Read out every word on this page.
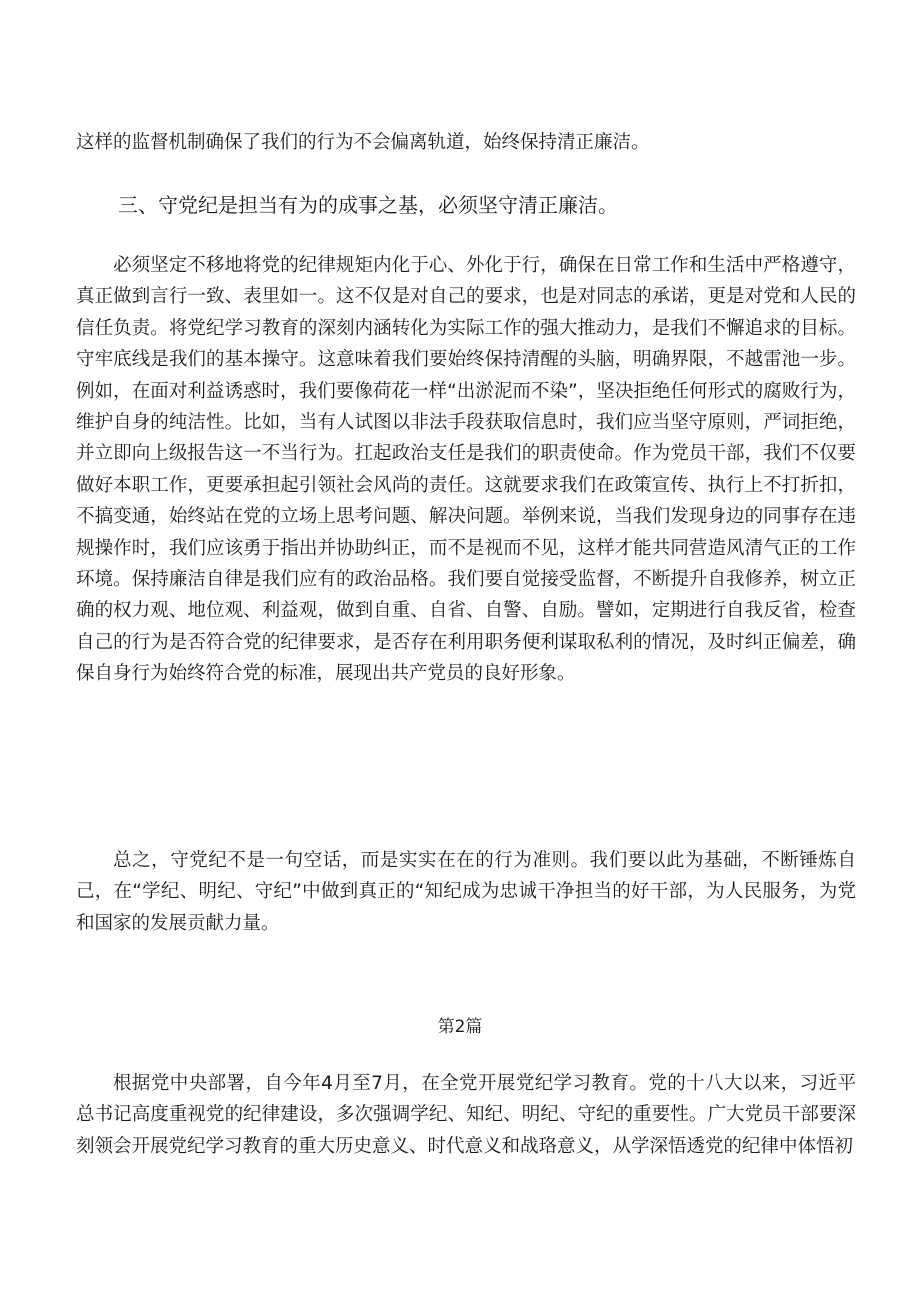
这样的监督机制确保了我们的行为不会偏离轨道，始终保持清正廉洁。

三、守党纪是担当有为的成事之基，必须坚守清正廉洁。

必须坚定不移地将党的纪律规矩内化于心、外化于行，确保在日常工作和生活中严格遵守，真正做到言行一致、表里如一。这不仅是对自己的要求，也是对同志的承诺，更是对党和人民的信任负责。将党纪学习教育的深刻内涵转化为实际工作的强大推动力，是我们不懈追求的目标。守牢底线是我们的基本操守。这意味着我们要始终保持清醒的头脑，明确界限，不越雷池一步。例如，在面对利益诱惑时，我们要像荷花一样“出淤泥而不染”，坚决拒绝任何形式的腐败行为，维护自身的纯洁性。比如，当有人试图以非法手段获取信息时，我们应当坚守原则，严词拒绝，并立即向上级报告这一不当行为。扛起政治支任是我们的职责使命。作为党员干部，我们不仅要做好本职工作，更要承担起引领社会风尚的责任。这就要求我们在政策宣传、执行上不打折扣，不搞变通，始终站在党的立场上思考问题、解决问题。举例来说，当我们发现身边的同事存在违规操作时，我们应该勇于指出并协助纠正，而不是视而不见，这样才能共同营造风清气正的工作环境。保持廉洁自律是我们应有的政治品格。我们要自觉接受监督，不断提升自我修养，树立正确的权力观、地位观、利益观，做到自重、自省、自警、自励。譬如，定期进行自我反省，检查自己的行为是否符合党的纪律要求，是否存在利用职务便利谋取私利的情况，及时纠正偏差，确保自身行为始终符合党的标准，展现出共产党员的良好形象。

总之，守党纪不是一句空话，而是实实在在的行为准则。我们要以此为基础，不断锤炼自己，在“学纪、明纪、守纪”中做到真正的“知纪成为忠诚干净担当的好干部，为人民服务，为党和国家的发展贡献力量。

第2篇

根据党中央部署，自今年4月至7月，在全党开展党纪学习教育。党的十八大以来，习近平总书记高度重视党的纪律建设，多次强调学纪、知纪、明纪、守纪的重要性。广大党员干部要深刻领会开展党纪学习教育的重大历史意义、时代意义和战珞意义，从学深悟透党的纪律中体悟初
